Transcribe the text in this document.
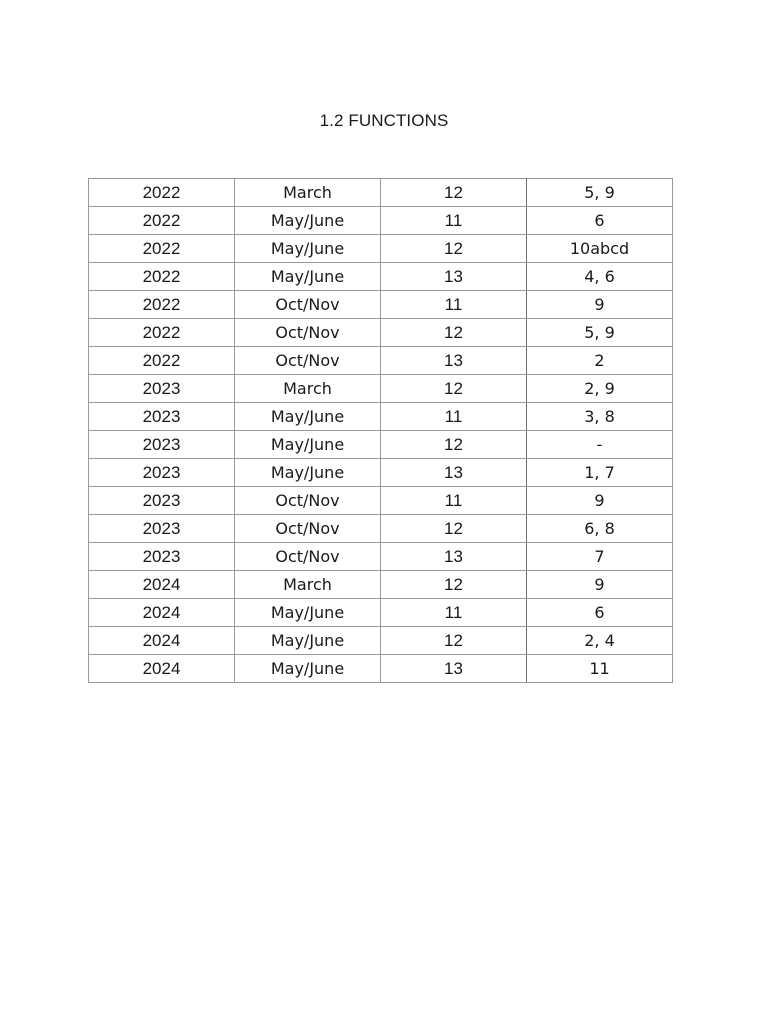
1.2 FUNCTIONS
2022	March	12	5, 9
2022	May/June	11	6
2022	May/June	12	10abcd
2022	May/June	13	4, 6
2022	Oct/Nov	11	9
2022	Oct/Nov	12	5, 9
2022	Oct/Nov	13	2
2023	March	12	2, 9
2023	May/June	11	3, 8
2023	May/June	12	-
2023	May/June	13	1, 7
2023	Oct/Nov	11	9
2023	Oct/Nov	12	6, 8
2023	Oct/Nov	13	7
2024	March	12	9
2024	May/June	11	6
2024	May/June	12	2, 4
2024	May/June	13	11
